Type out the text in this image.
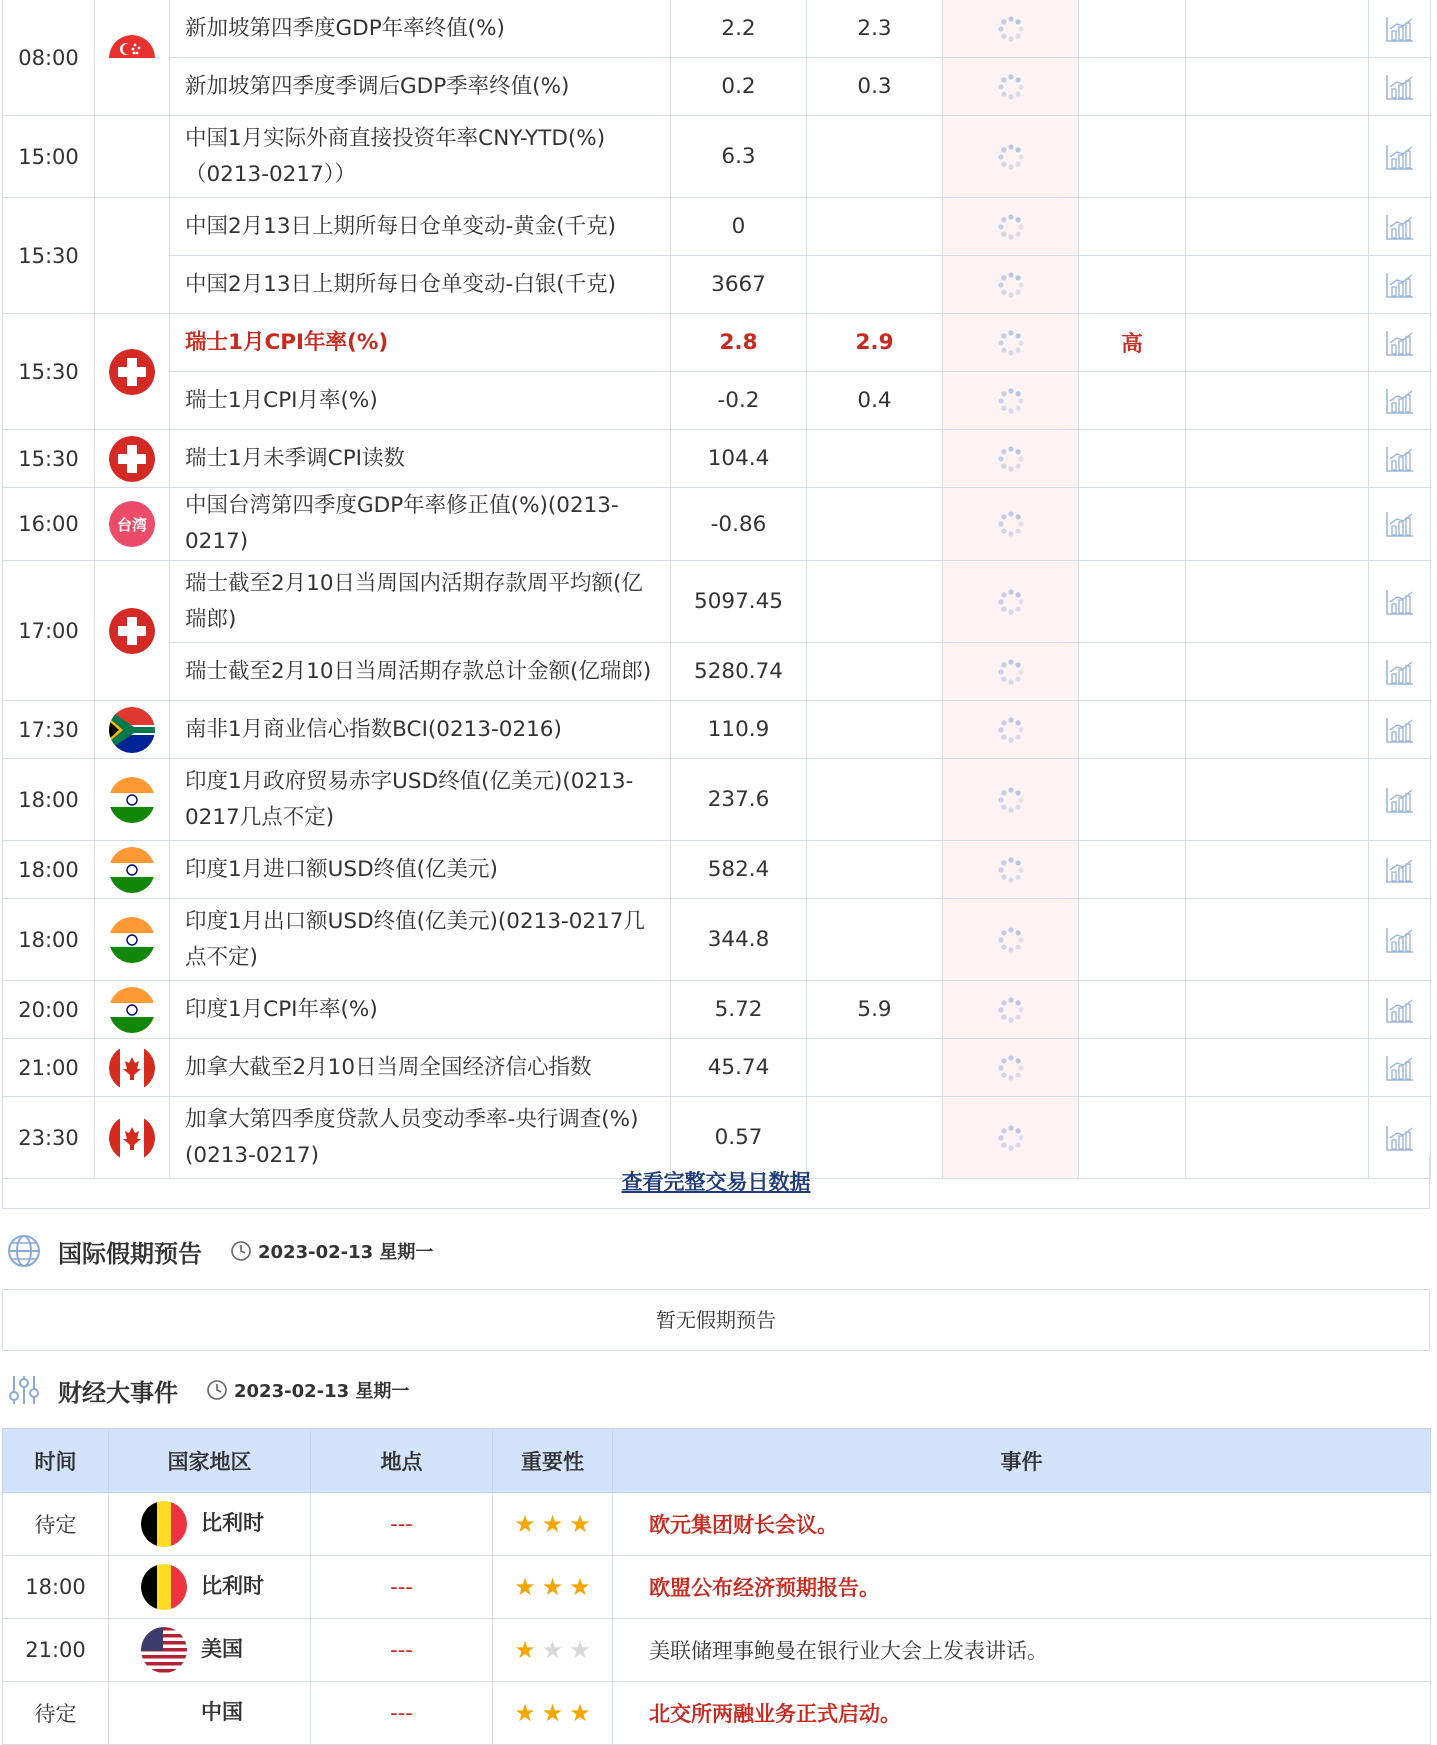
08:00		新加坡第四季度GDP年率终值(%)	2.2	2.3				
		新加坡第四季度季调后GDP季率终值(%)	0.2	0.3				
15:00		中国1月实际外商直接投资年率CNY-YTD(%)（0213-0217））	6.3					
15:30		中国2月13日上期所每日仓单变动-黄金(千克)	0					
		中国2月13日上期所每日仓单变动-白银(千克)	3667					
15:30		瑞士1月CPI年率(%)	2.8	2.9		高		
		瑞士1月CPI月率(%)	-0.2	0.4				
15:30		瑞士1月未季调CPI读数	104.4					
16:00	台湾	中国台湾第四季度GDP年率修正值(%)(0213-0217)	-0.86					
17:00		瑞士截至2月10日当周国内活期存款周平均额(亿瑞郎)	5097.45					
		瑞士截至2月10日当周活期存款总计金额(亿瑞郎)	5280.74					
17:30		南非1月商业信心指数BCI(0213-0216)	110.9					
18:00		印度1月政府贸易赤字USD终值(亿美元)(0213-0217几点不定)	237.6					
18:00		印度1月进口额USD终值(亿美元)	582.4					
18:00		印度1月出口额USD终值(亿美元)(0213-0217几点不定)	344.8					
20:00		印度1月CPI年率(%)	5.72	5.9				
21:00		加拿大截至2月10日当周全国经济信心指数	45.74					
23:30		加拿大第四季度贷款人员变动季率-央行调查(%)(0213-0217)	0.57					
查看完整交易日数据
国际假期预告	2023-02-13 星期一
暂无假期预告
财经大事件	2023-02-13 星期一
时间	国家地区	地点	重要性	事件
待定	比利时	---	★ ★ ★	欧元集团财长会议。
18:00	比利时	---	★ ★ ★	欧盟公布经济预期报告。
21:00	美国	---	★ ★ ★	美联储理事鲍曼在银行业大会上发表讲话。
待定	中国	---	★ ★ ★	北交所两融业务正式启动。
